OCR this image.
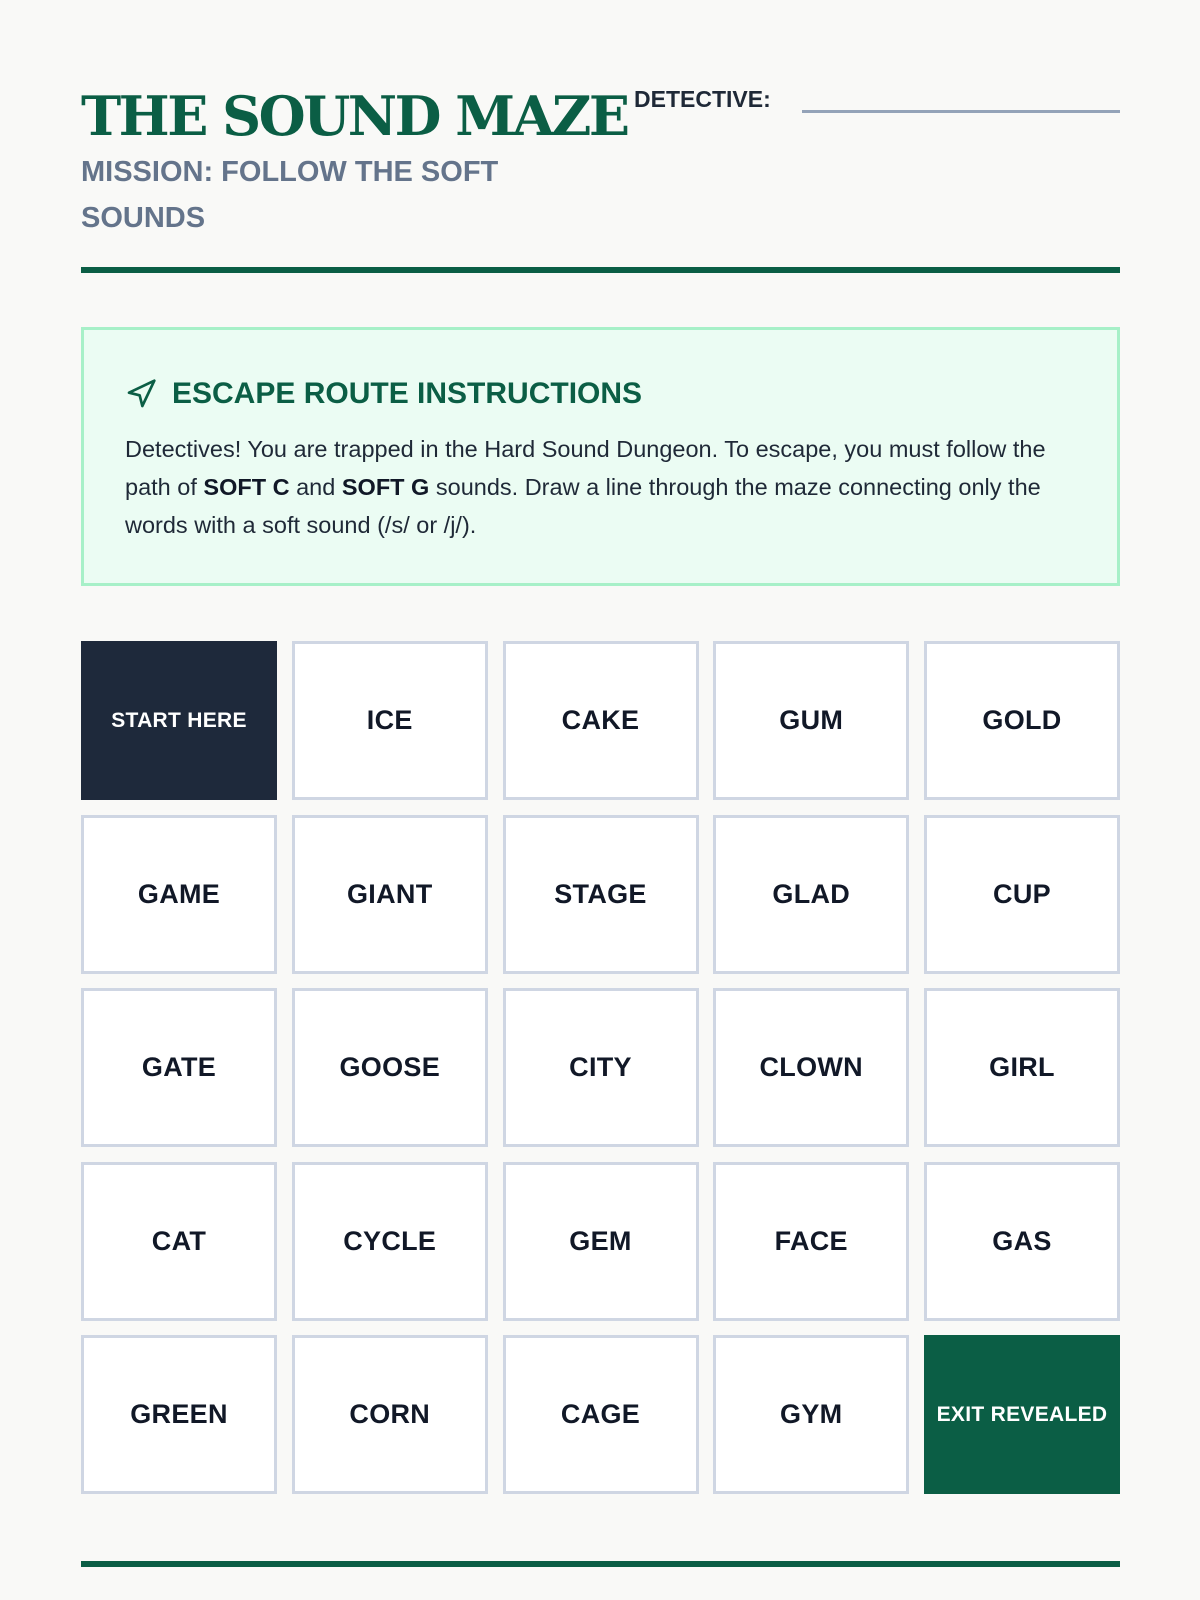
THE SOUND MAZE
MISSION: FOLLOW THE SOFT SOUNDS
DETECTIVE:
ESCAPE ROUTE INSTRUCTIONS

Detectives! You are trapped in the Hard Sound Dungeon. To escape, you must follow the path of SOFT C and SOFT G sounds. Draw a line through the maze connecting only the words with a soft sound (/s/ or /j/).

START HERE	ICE	CAKE	GUM	GOLD
GAME	GIANT	STAGE	GLAD	CUP
GATE	GOOSE	CITY	CLOWN	GIRL
CAT	CYCLE	GEM	FACE	GAS
GREEN	CORN	CAGE	GYM	EXIT REVEALED
